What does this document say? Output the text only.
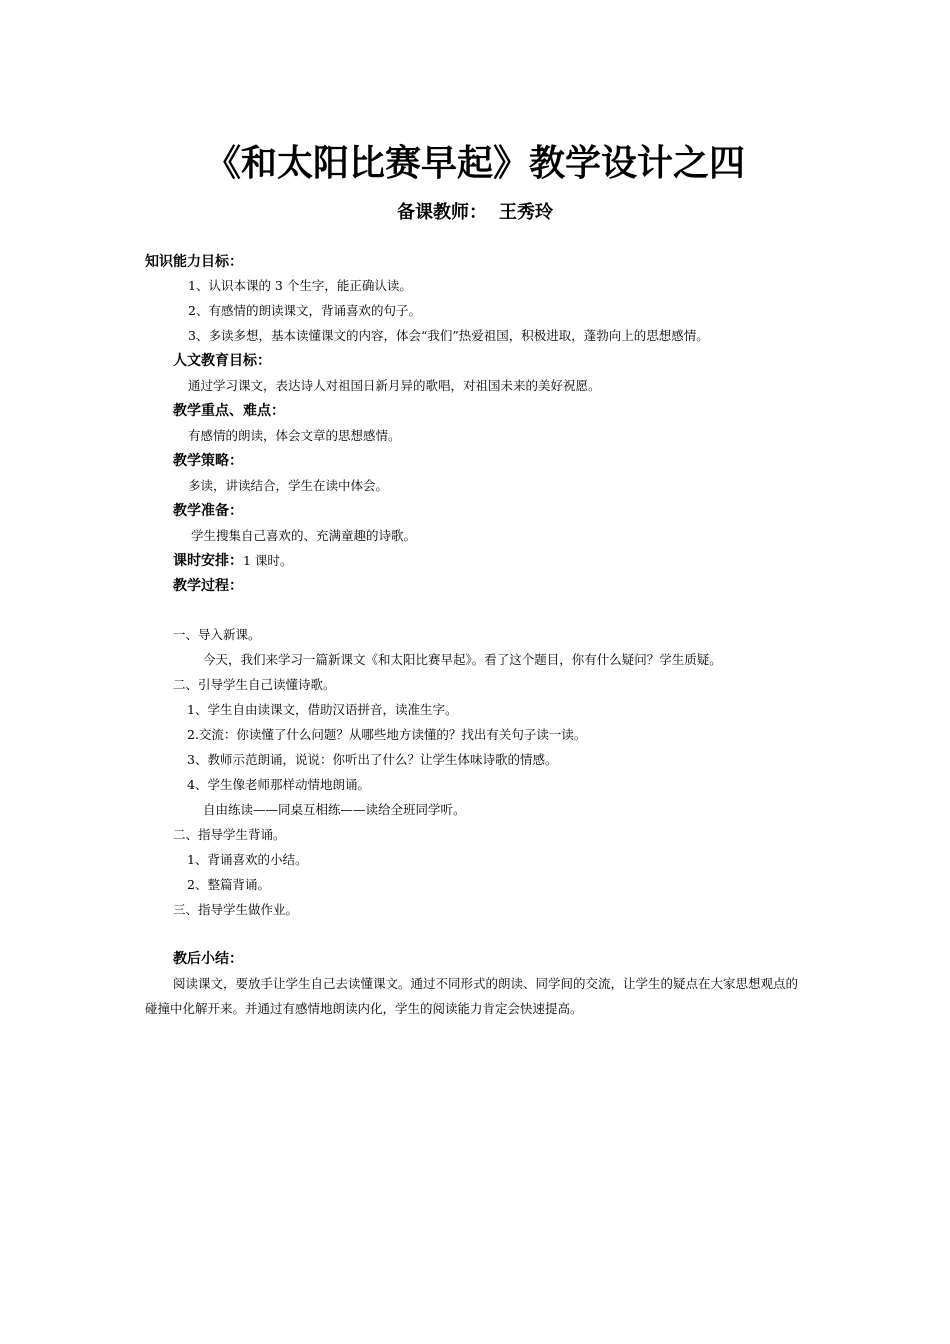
《和太阳比赛早起》教学设计之四
备课教师： 王秀玲
知识能力目标：
1、认识本课的 3 个生字，能正确认读。
2、有感情的朗读课文，背诵喜欢的句子。
3、多读多想，基本读懂课文的内容，体会“我们”热爱祖国，积极进取，蓬勃向上的思想感情。
人文教育目标：
通过学习课文，表达诗人对祖国日新月异的歌唱，对祖国未来的美好祝愿。
教学重点、难点：
有感情的朗读，体会文章的思想感情。
教学策略：
多读，讲读结合，学生在读中体会。
教学准备：
学生搜集自己喜欢的、充满童趣的诗歌。
课时安排：1 课时。
教学过程：
一、导入新课。
今天，我们来学习一篇新课文《和太阳比赛早起》。看了这个题目，你有什么疑问？学生质疑。
二、引导学生自己读懂诗歌。
1、学生自由读课文，借助汉语拼音，读准生字。
2.交流：你读懂了什么问题？从哪些地方读懂的？找出有关句子读一读。
3、教师示范朗诵，说说：你听出了什么？让学生体味诗歌的情感。
4、学生像老师那样动情地朗诵。
自由练读——同桌互相练——读给全班同学听。
二、指导学生背诵。
1、背诵喜欢的小结。
2、整篇背诵。
三、指导学生做作业。
教后小结：
阅读课文，要放手让学生自己去读懂课文。通过不同形式的朗读、同学间的交流，让学生的疑点在大家思想观点的碰撞中化解开来。并通过有感情地朗读内化，学生的阅读能力肯定会快速提高。
